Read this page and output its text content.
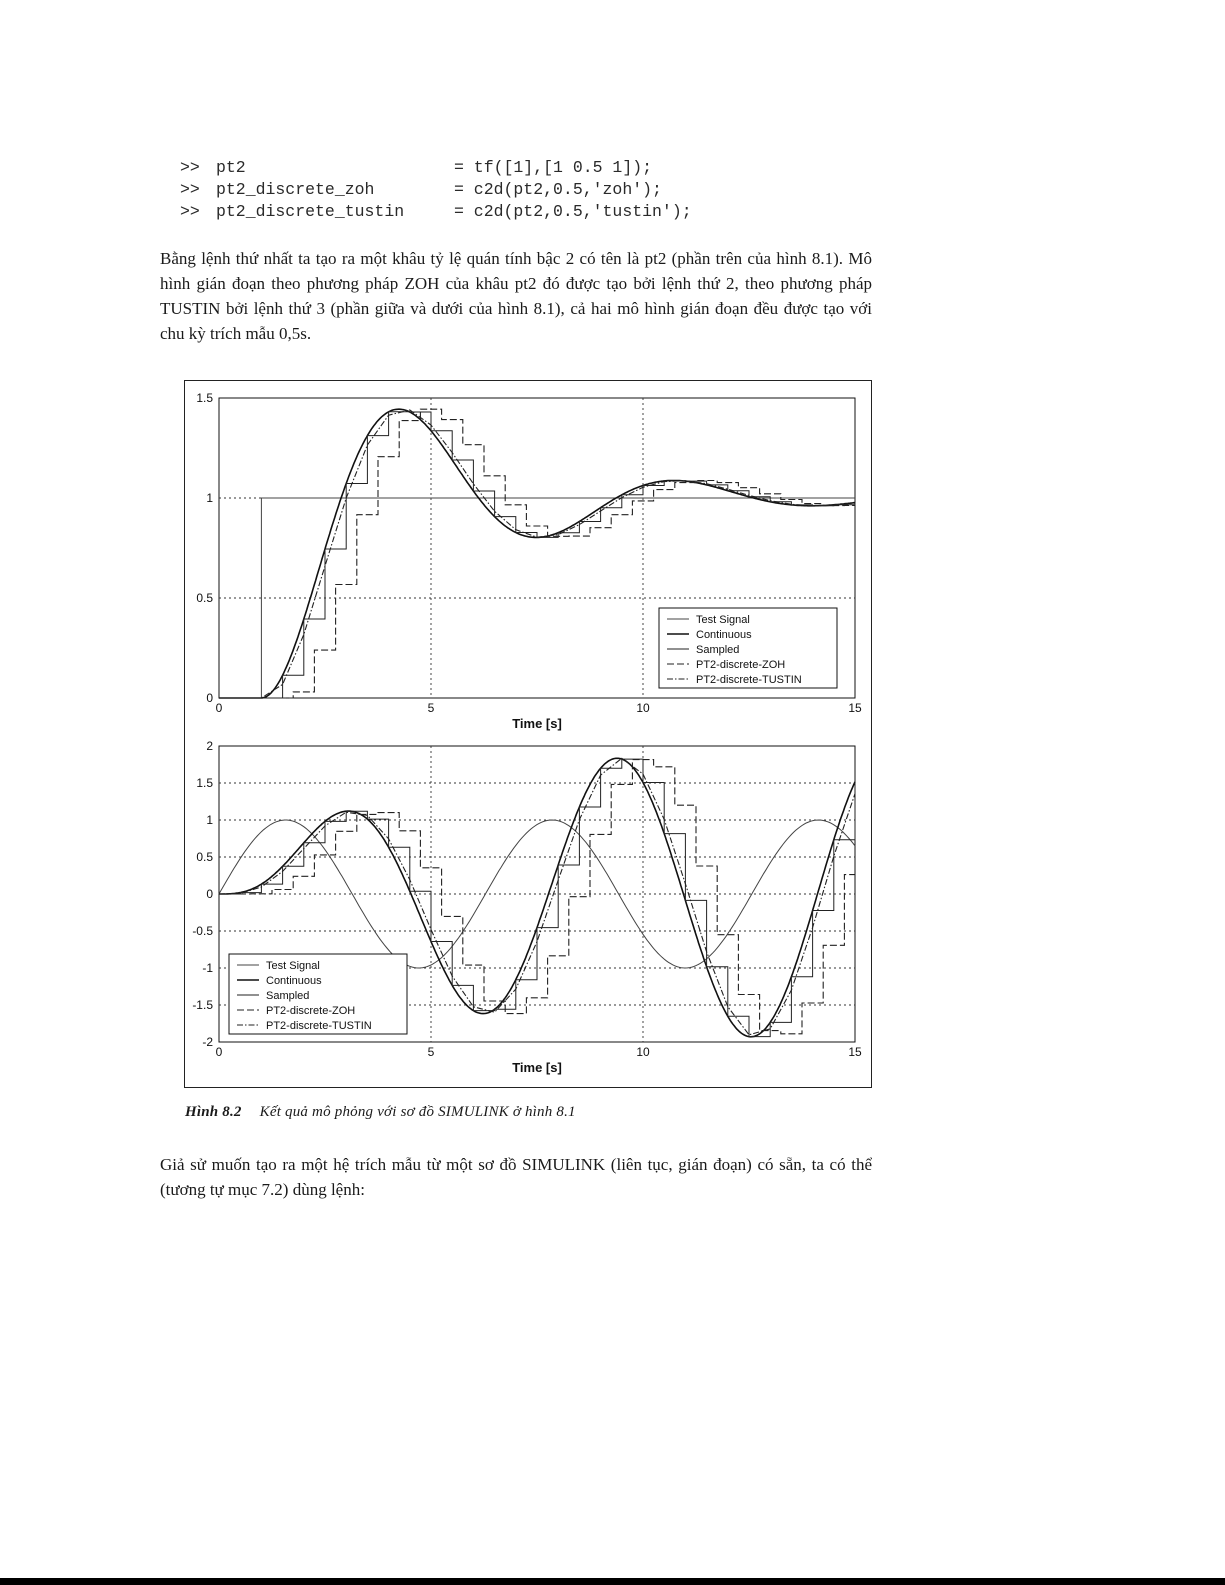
>> pt2	= tf([1],[1 0.5 1]);
>> pt2_discrete_zoh	= c2d(pt2,0.5,'zoh');
>> pt2_discrete_tustin	= c2d(pt2,0.5,'tustin');

Bằng lệnh thứ nhất ta tạo ra một khâu tỷ lệ quán tính bậc 2 có tên là pt2 (phần trên của hình 8.1). Mô hình gián đoạn theo phương pháp ZOH của khâu pt2 đó được tạo bởi lệnh thứ 2, theo phương pháp TUSTIN bởi lệnh thứ 3 (phần giữa và dưới của hình 8.1), cả hai mô hình gián đoạn đều được tạo với chu kỳ trích mẫu 0,5s.

0	5	10	15
0
0.5
1
1.5
Time [s]
Test Signal
Continuous
Sampled
PT2-discrete-ZOH
PT2-discrete-TUSTIN
0	5	10	15
-2
-1.5
-1
-0.5
0
0.5
1
1.5
2
Time [s]
Test Signal
Continuous
Sampled
PT2-discrete-ZOH
PT2-discrete-TUSTIN
Hình 8.2 Kết quả mô phỏng với sơ đồ SIMULINK ở hình 8.1

Giả sử muốn tạo ra một hệ trích mẫu từ một sơ đồ SIMULINK (liên tục, gián đoạn) có sẵn, ta có thể (tương tự mục 7.2) dùng lệnh:
